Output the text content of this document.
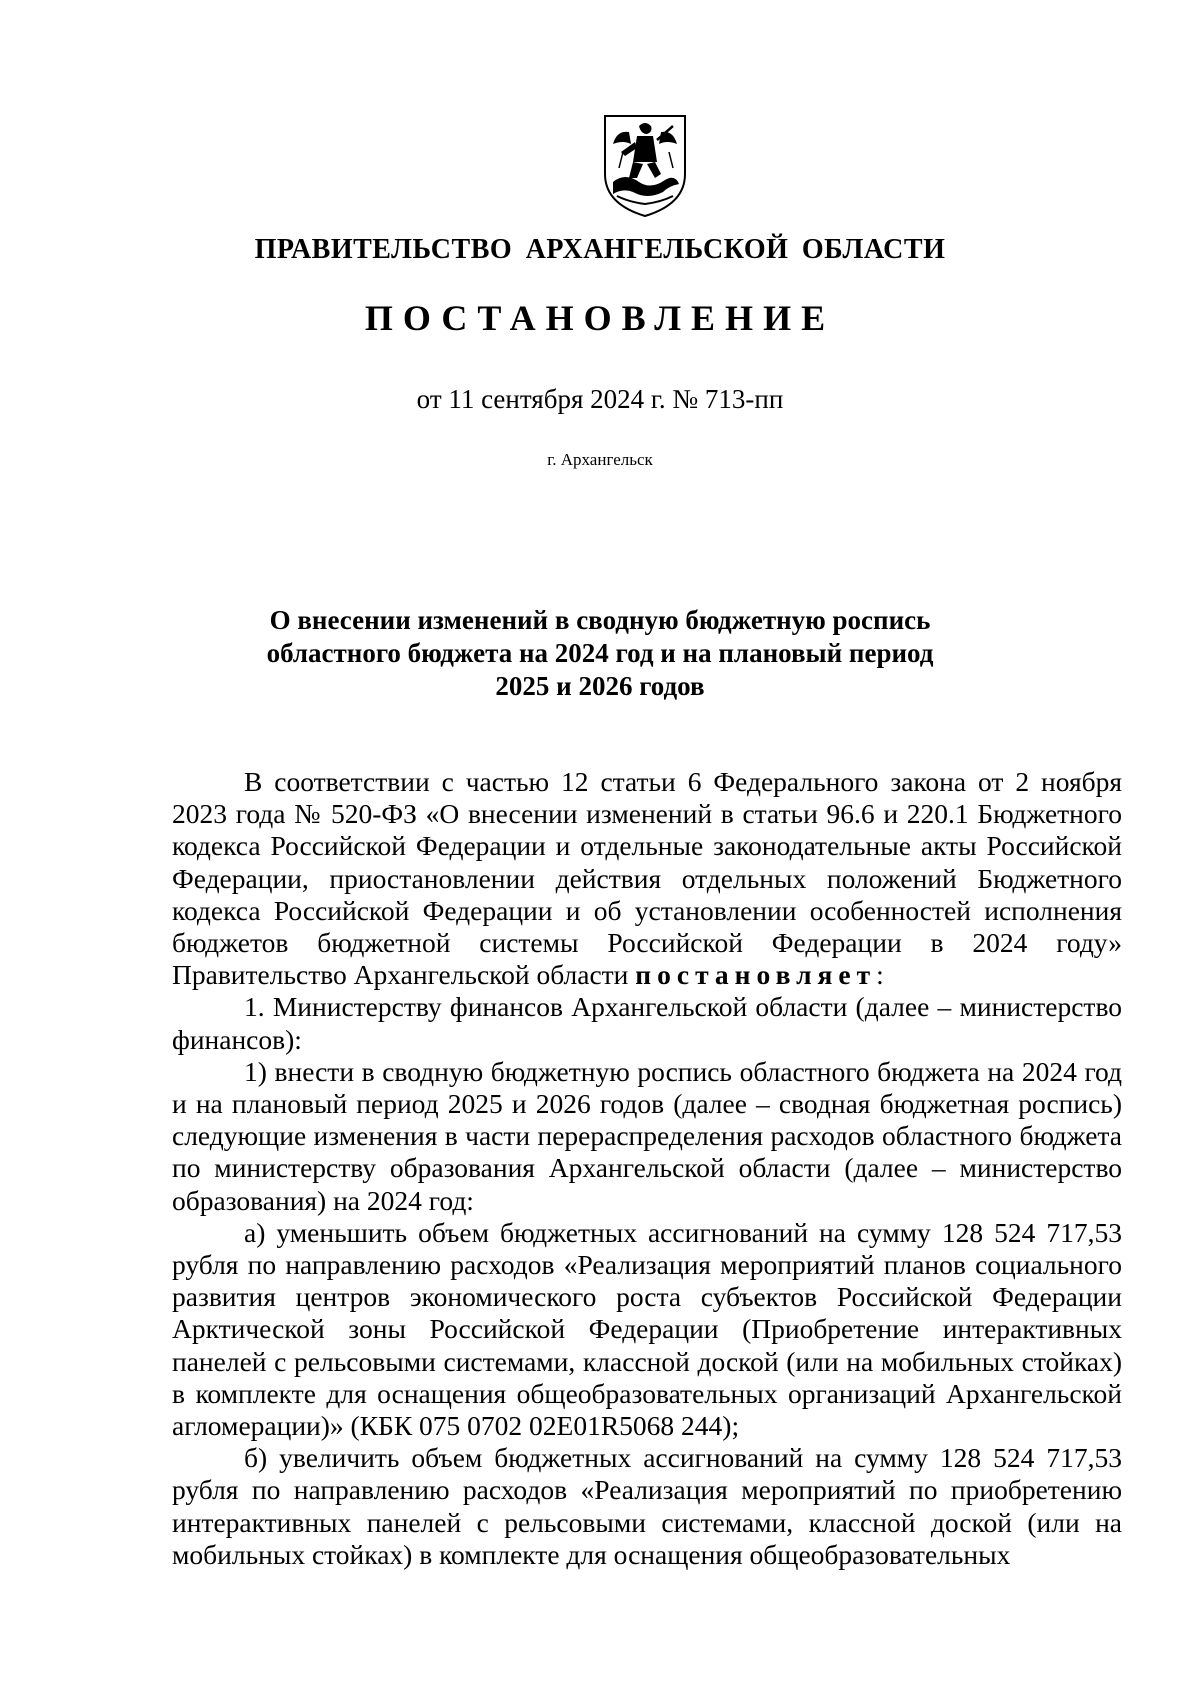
ПРАВИТЕЛЬСТВО АРХАНГЕЛЬСКОЙ ОБЛАСТИ
ПОСТАНОВЛЕНИЕ
от 11 сентября 2024 г. № 713-пп
г. Архангельск
О внесении изменений в сводную бюджетную роспись
областного бюджета на 2024 год и на плановый период
2025 и 2026 годов

В соответствии с частью 12 статьи 6 Федерального закона от 2 ноября 2023 года № 520-ФЗ «О внесении изменений в статьи 96.6 и 220.1 Бюджетного кодекса Российской Федерации и отдельные законодательные акты Российской Федерации, приостановлении действия отдельных положений Бюджетного кодекса Российской Федерации и об установлении особенностей исполнения бюджетов бюджетной системы Российской Федерации в 2024 году» Правительство Архангельской области постановляет:

1. Министерству финансов Архангельской области (далее – министерство финансов):

1) внести в сводную бюджетную роспись областного бюджета на 2024 год и на плановый период 2025 и 2026 годов (далее – сводная бюджетная роспись) следующие изменения в части перераспределения расходов областного бюджета по министерству образования Архангельской области (далее – министерство образования) на 2024 год:

а) уменьшить объем бюджетных ассигнований на сумму 128 524 717,53 рубля по направлению расходов «Реализация мероприятий планов социального развития центров экономического роста субъектов Российской Федерации Арктической зоны Российской Федерации (Приобретение интерактивных панелей с рельсовыми системами, классной доской (или на мобильных стойках) в комплекте для оснащения общеобразовательных организаций Архангельской агломерации)» (КБК 075 0702 02Е01R5068 244);

б) увеличить объем бюджетных ассигнований на сумму 128 524 717,53 рубля по направлению расходов «Реализация мероприятий по приобретению интерактивных панелей с рельсовыми системами, классной доской (или на мобильных стойках) в комплекте для оснащения общеобразовательных
